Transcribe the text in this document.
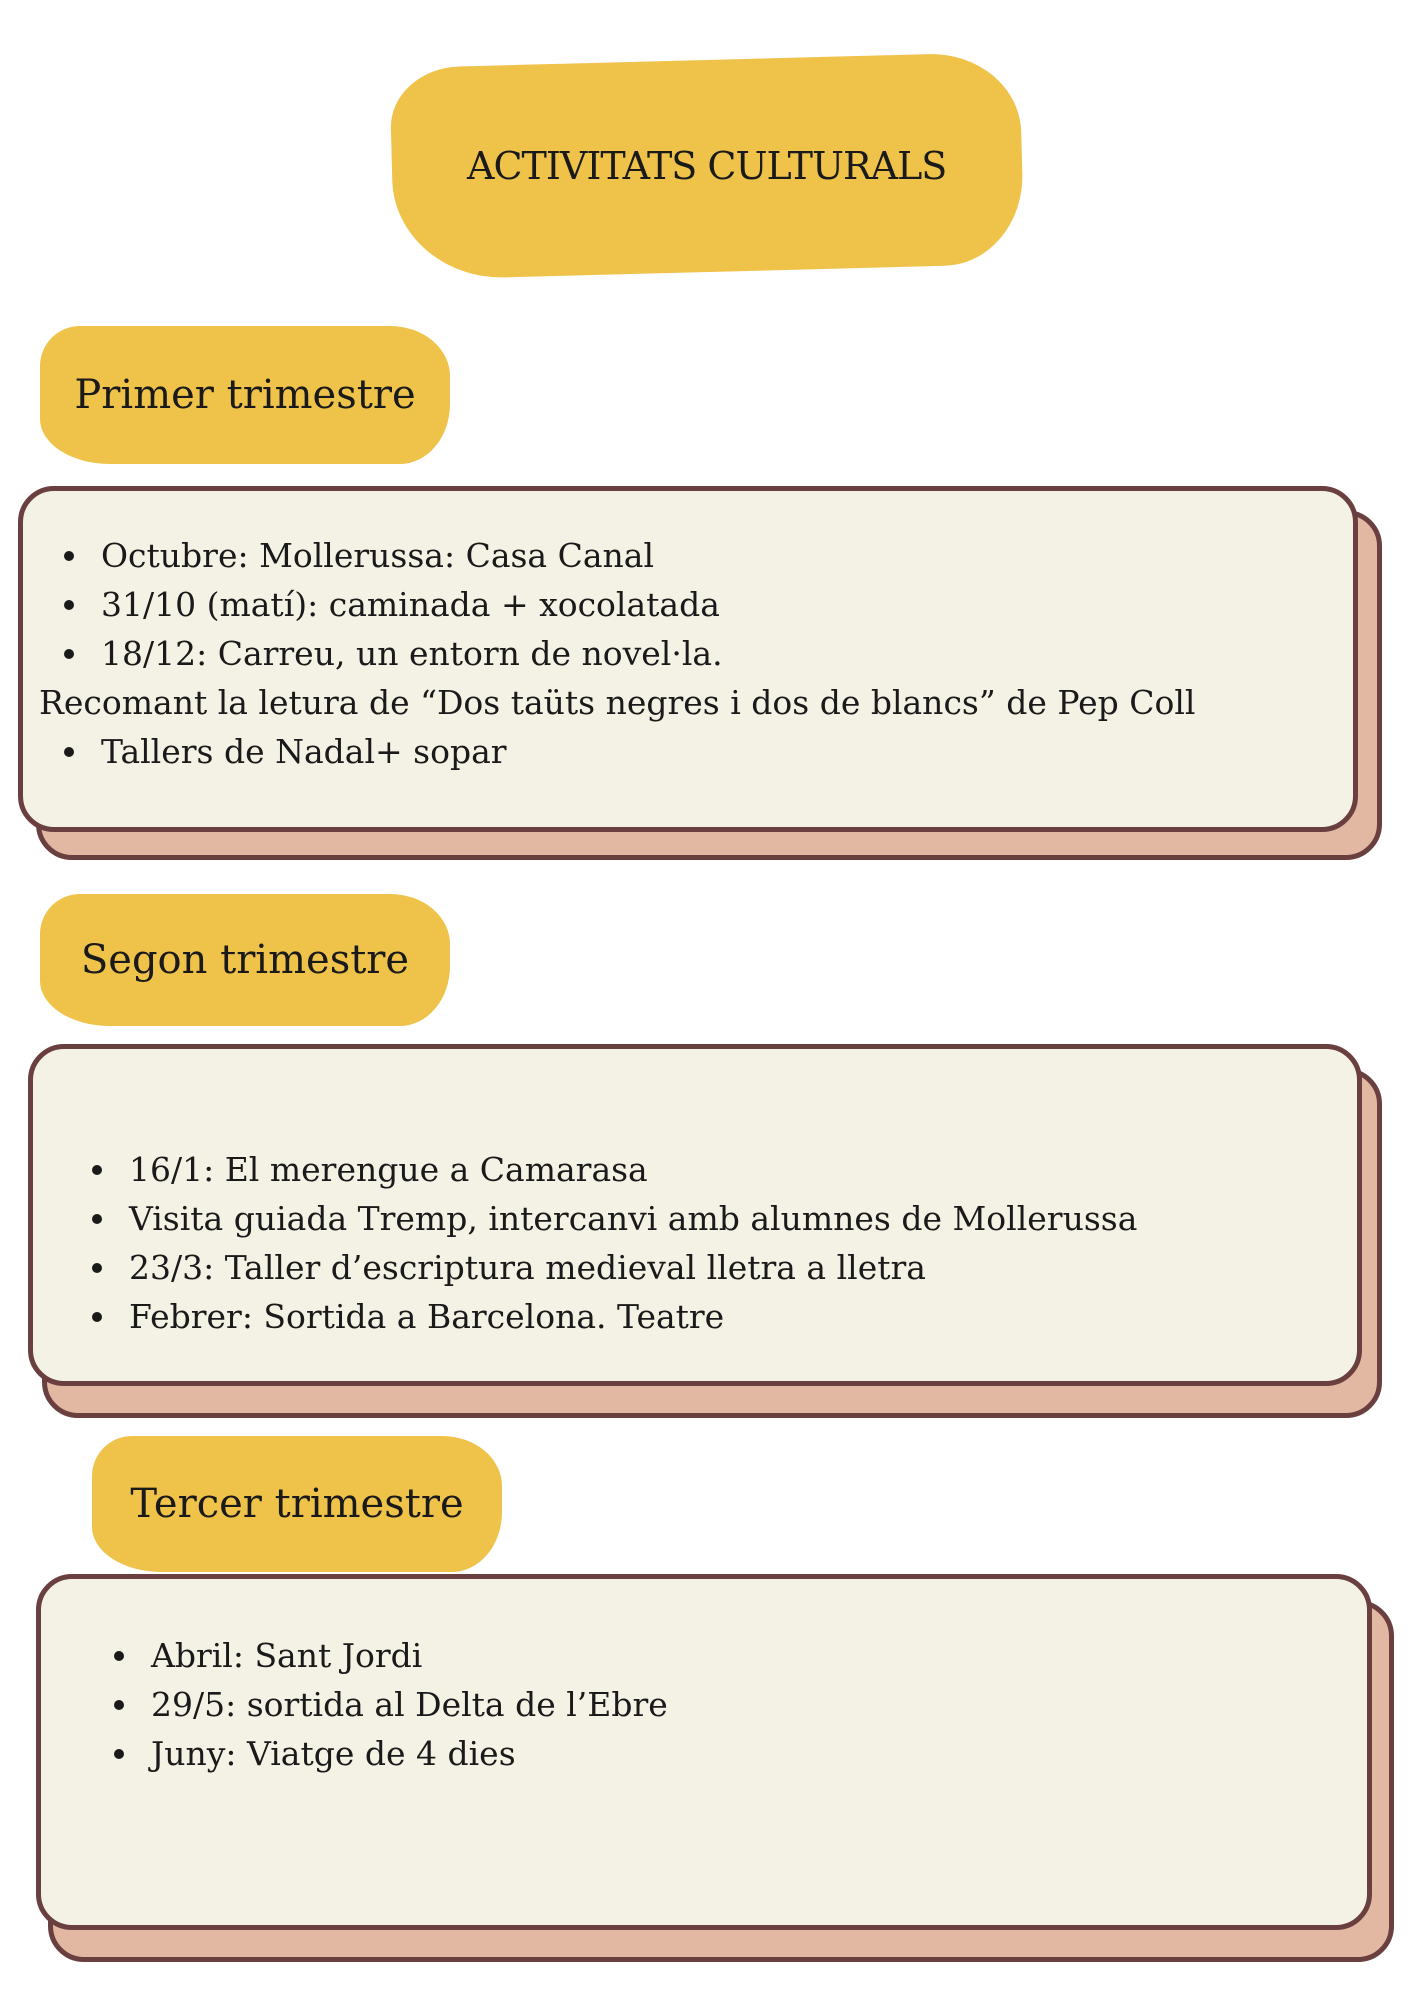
ACTIVITATS CULTURALS
Primer trimestre
Octubre: Mollerussa: Casa Canal
31/10 (matí): caminada + xocolatada
18/12: Carreu, un entorn de novel·la.
Recomant la letura de “Dos taüts negres i dos de blancs” de Pep Coll
Tallers de Nadal+ sopar
Segon trimestre
16/1: El merengue a Camarasa
Visita guiada Tremp, intercanvi amb alumnes de Mollerussa
23/3: Taller d’escriptura medieval lletra a lletra
Febrer: Sortida a Barcelona. Teatre
Tercer trimestre
Abril: Sant Jordi
29/5: sortida al Delta de l’Ebre
Juny: Viatge de 4 dies
